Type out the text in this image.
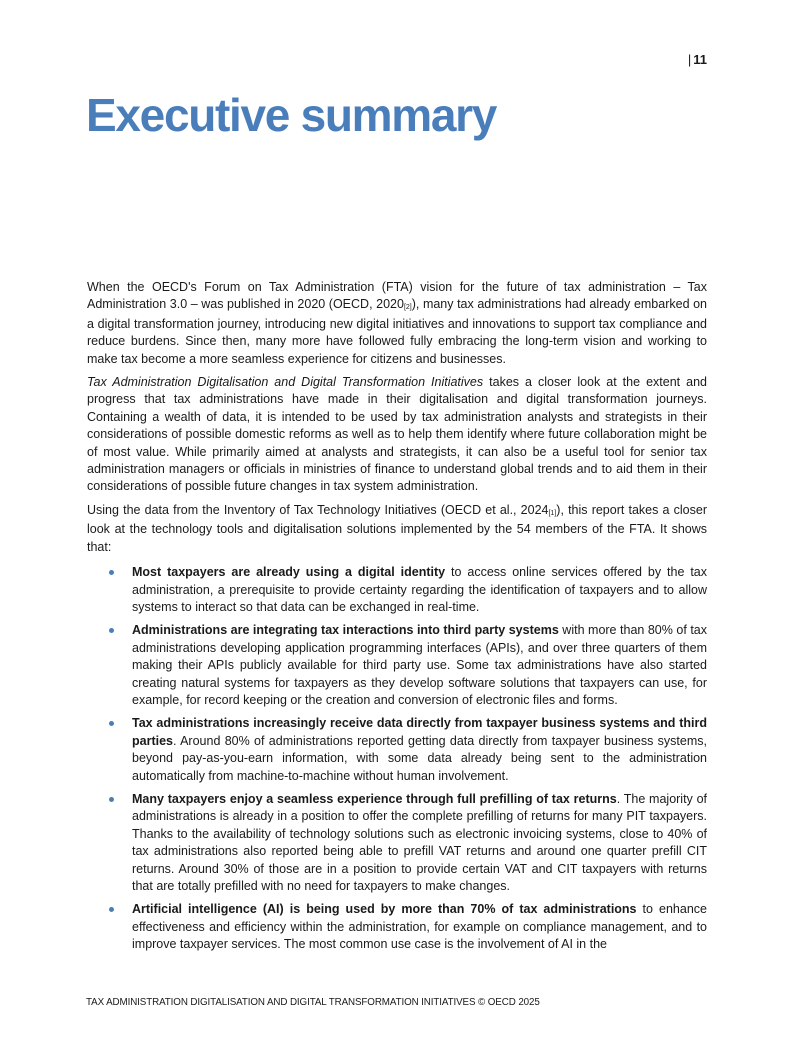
| 11
Executive summary

When the OECD's Forum on Tax Administration (FTA) vision for the future of tax administration – Tax Administration 3.0 – was published in 2020 (OECD, $2020_{[2]}$), many tax administrations had already embarked on a digital transformation journey, introducing new digital initiatives and innovations to support tax compliance and reduce burdens. Since then, many more have followed fully embracing the long-term vision and working to make tax become a more seamless experience for citizens and businesses.

Tax Administration Digitalisation and Digital Transformation Initiatives takes a closer look at the extent and progress that tax administrations have made in their digitalisation and digital transformation journeys. Containing a wealth of data, it is intended to be used by tax administration analysts and strategists in their considerations of possible domestic reforms as well as to help them identify where future collaboration might be of most value. While primarily aimed at analysts and strategists, it can also be a useful tool for senior tax administration managers or officials in ministries of finance to understand global trends and to aid them in their considerations of possible future changes in tax system administration.

Using the data from the Inventory of Tax Technology Initiatives (OECD et al., $2024_{[1]}$), this report takes a closer look at the technology tools and digitalisation solutions implemented by the 54 members of the FTA. It shows that:

Most taxpayers are already using a digital identity to access online services offered by the tax administration, a prerequisite to provide certainty regarding the identification of taxpayers and to allow systems to interact so that data can be exchanged in real-time.
Administrations are integrating tax interactions into third party systems with more than 80% of tax administrations developing application programming interfaces (APIs), and over three quarters of them making their APIs publicly available for third party use. Some tax administrations have also started creating natural systems for taxpayers as they develop software solutions that taxpayers can use, for example, for record keeping or the creation and conversion of electronic files and forms.
Tax administrations increasingly receive data directly from taxpayer business systems and third parties. Around 80% of administrations reported getting data directly from taxpayer business systems, beyond pay-as-you-earn information, with some data already being sent to the administration automatically from machine-to-machine without human involvement.
Many taxpayers enjoy a seamless experience through full prefilling of tax returns. The majority of administrations is already in a position to offer the complete prefilling of returns for many PIT taxpayers. Thanks to the availability of technology solutions such as electronic invoicing systems, close to 40% of tax administrations also reported being able to prefill VAT returns and around one quarter prefill CIT returns. Around 30% of those are in a position to provide certain VAT and CIT taxpayers with returns that are totally prefilled with no need for taxpayers to make changes.
Artificial intelligence (AI) is being used by more than 70% of tax administrations to enhance effectiveness and efficiency within the administration, for example on compliance management, and to improve taxpayer services. The most common use case is the involvement of AI in the
TAX ADMINISTRATION DIGITALISATION AND DIGITAL TRANSFORMATION INITIATIVES © OECD 2025
